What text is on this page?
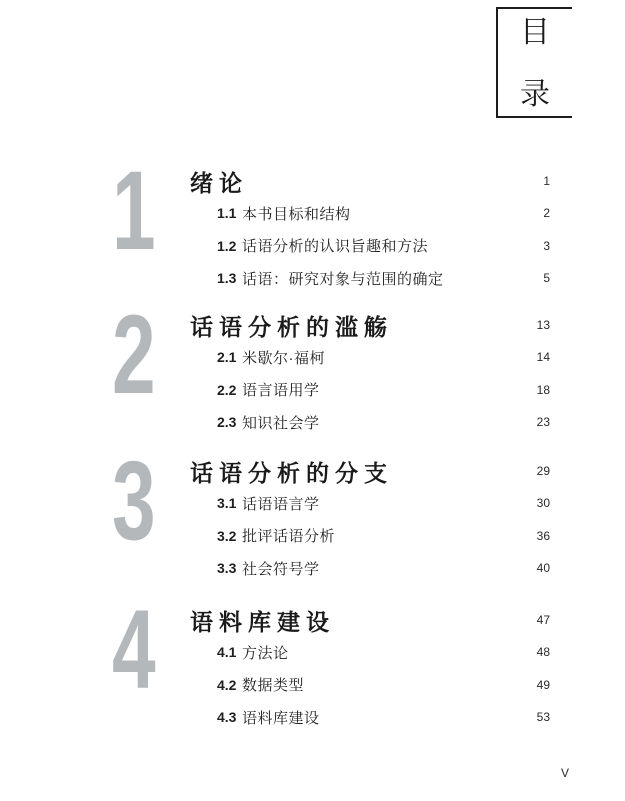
目
录
1 绪论	1
1.1 本书目标和结构	2
1.2 话语分析的认识旨趣和方法	3
1.3 话语：研究对象与范围的确定	5
2 话语分析的滥觞	13
2.1 米歇尔·福柯	14
2.2 语言语用学	18
2.3 知识社会学	23
3 话语分析的分支	29
3.1 话语语言学	30
3.2 批评话语分析	36
3.3 社会符号学	40
4 语料库建设	47
4.1 方法论	48
4.2 数据类型	49
4.3 语料库建设	53
V
